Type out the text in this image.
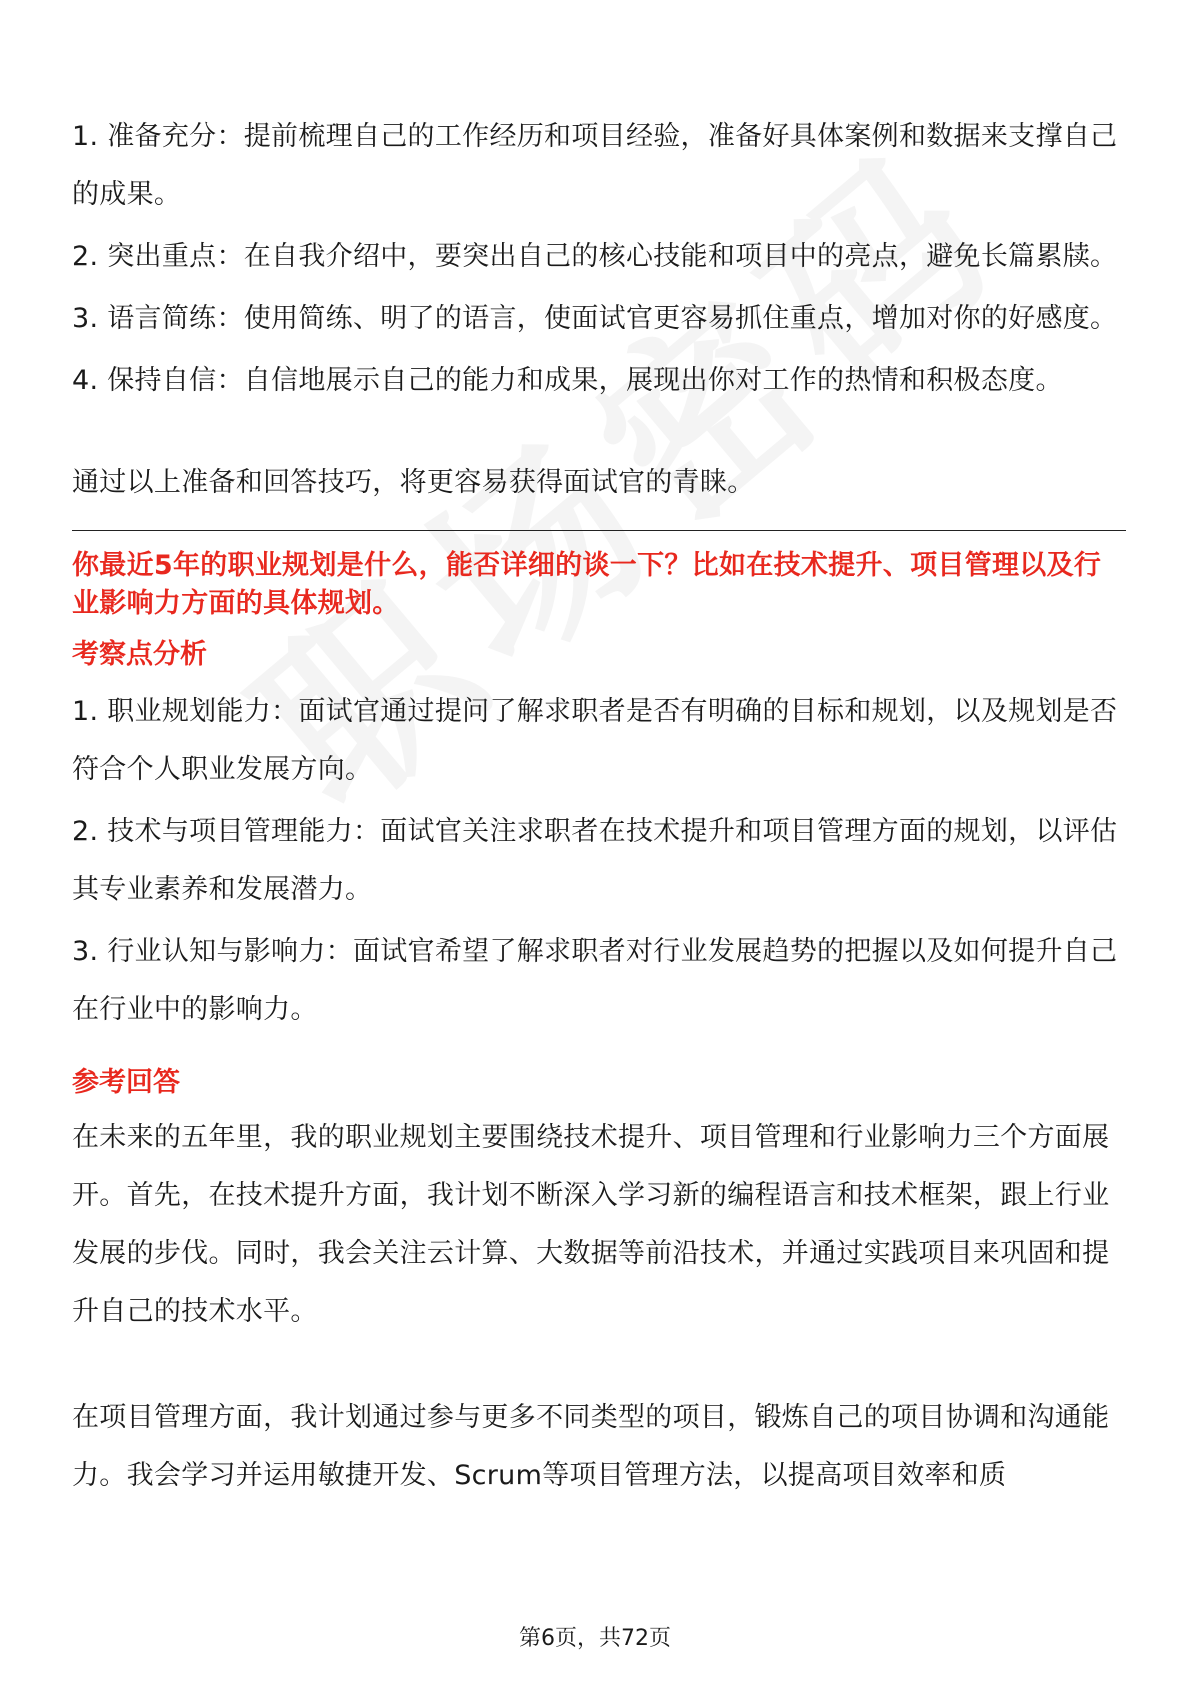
1. 准备充分：提前梳理自己的工作经历和项目经验，准备好具体案例和数据来支撑自己的成果。

2. 突出重点：在自我介绍中，要突出自己的核心技能和项目中的亮点，避免长篇累牍。

3. 语言简练：使用简练、明了的语言，使面试官更容易抓住重点，增加对你的好感度。

4. 保持自信：自信地展示自己的能力和成果，展现出你对工作的热情和积极态度。

通过以上准备和回答技巧，将更容易获得面试官的青睐。

你最近5年的职业规划是什么，能否详细的谈一下？比如在技术提升、项目管理以及行业影响力方面的具体规划。
考察点分析

1. 职业规划能力：面试官通过提问了解求职者是否有明确的目标和规划，以及规划是否符合个人职业发展方向。

2. 技术与项目管理能力：面试官关注求职者在技术提升和项目管理方面的规划，以评估其专业素养和发展潜力。

3. 行业认知与影响力：面试官希望了解求职者对行业发展趋势的把握以及如何提升自己在行业中的影响力。

参考回答

在未来的五年里，我的职业规划主要围绕技术提升、项目管理和行业影响力三个方面展开。首先，在技术提升方面，我计划不断深入学习新的编程语言和技术框架，跟上行业发展的步伐。同时，我会关注云计算、大数据等前沿技术，并通过实践项目来巩固和提升自己的技术水平。

在项目管理方面，我计划通过参与更多不同类型的项目，锻炼自己的项目协调和沟通能力。我会学习并运用敏捷开发、Scrum等项目管理方法，以提高项目效率和质

第6页，共72页
